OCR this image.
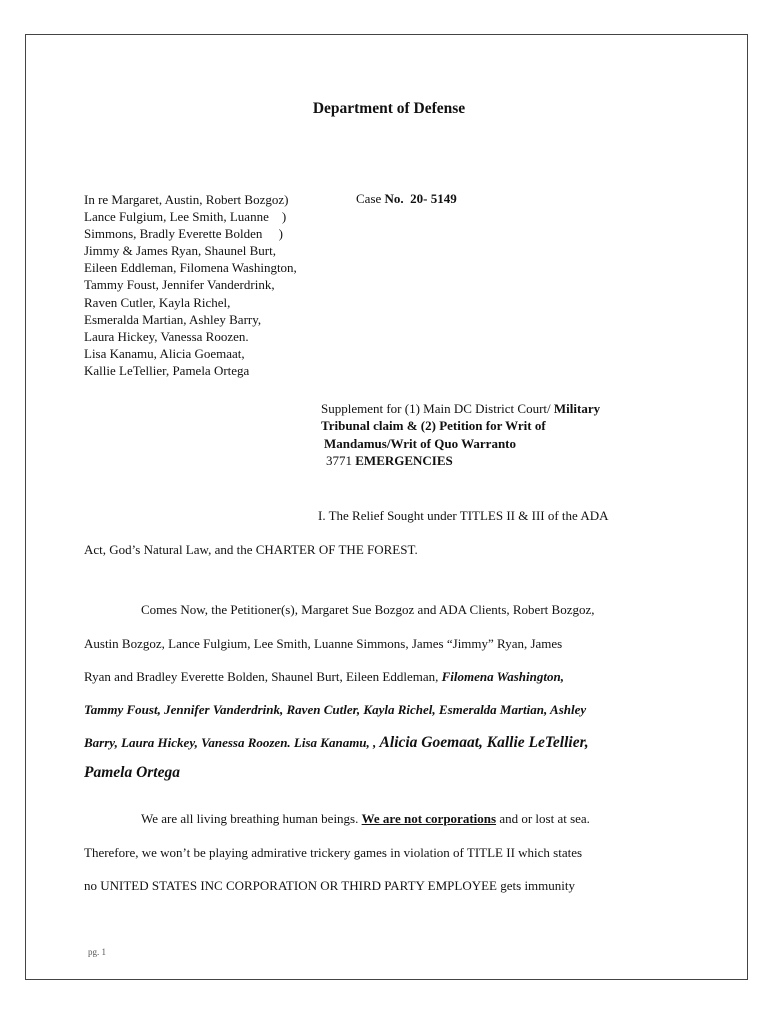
Department of Defense
In re Margaret, Austin, Robert Bozgoz)
Lance Fulgium, Lee Smith, Luanne    )
Simmons, Bradly Everette Bolden     )
Jimmy & James Ryan, Shaunel Burt,
Eileen Eddleman, Filomena Washington,
Tammy Foust, Jennifer Vanderdrink,
Raven Cutler, Kayla Richel,
Esmeralda Martian, Ashley Barry,
Laura Hickey, Vanessa Roozen.
Lisa Kanamu, Alicia Goemaat,
Kallie LeTellier, Pamela Ortega
Case No.  20- 5149
Supplement for (1) Main DC District Court/ Military
Tribunal claim & (2) Petition for Writ of
Mandamus/Writ of Quo Warranto
3771 EMERGENCIES
I. The Relief Sought under TITLES II & III of the ADA
Act, God’s Natural Law, and the CHARTER OF THE FOREST.
Comes Now, the Petitioner(s), Margaret Sue Bozgoz and ADA Clients, Robert Bozgoz,
Austin Bozgoz, Lance Fulgium, Lee Smith, Luanne Simmons, James “Jimmy” Ryan, James
Ryan and Bradley Everette Bolden, Shaunel Burt, Eileen Eddleman, Filomena Washington,
Tammy Foust, Jennifer Vanderdrink, Raven Cutler, Kayla Richel, Esmeralda Martian, Ashley
Barry, Laura Hickey, Vanessa Roozen. Lisa Kanamu, , Alicia Goemaat, Kallie LeTellier,
Pamela Ortega
We are all living breathing human beings. We are not corporations and or lost at sea.
Therefore, we won’t be playing admirative trickery games in violation of TITLE II which states
no UNITED STATES INC CORPORATION OR THIRD PARTY EMPLOYEE gets immunity
pg. 1
